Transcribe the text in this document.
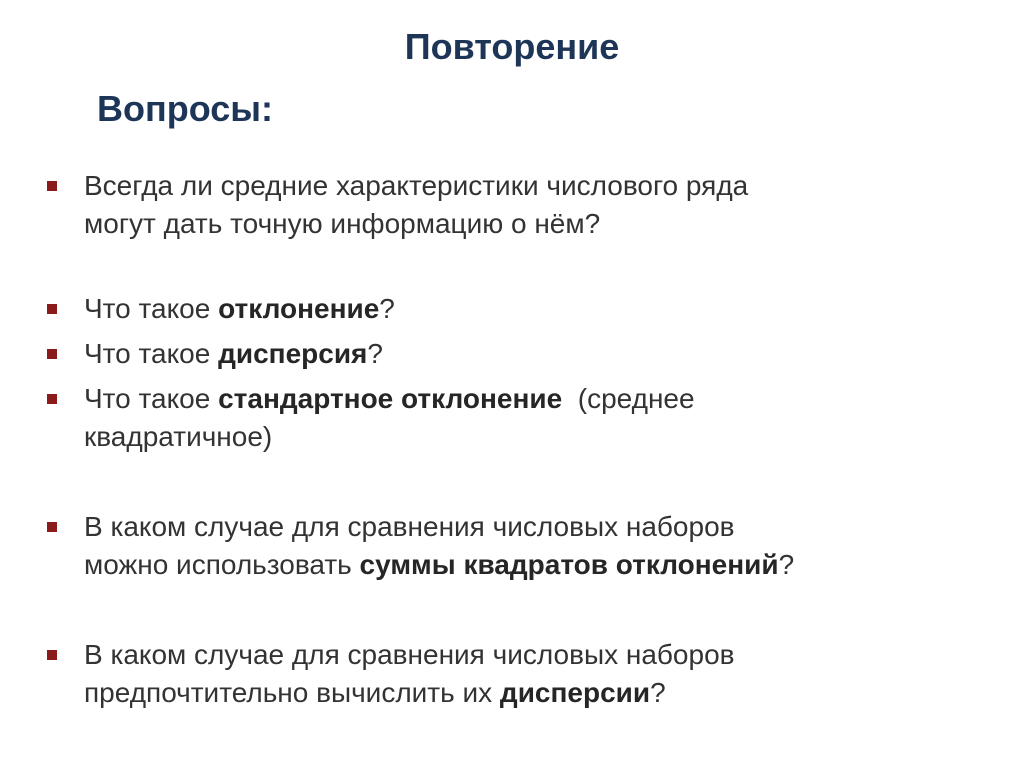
Повторение
Вопросы:

Всегда ли средние характеристики числового ряда
могут дать точную информацию о нём?

Что такое отклонение?

Что такое дисперсия?

Что такое стандартное отклонение  (среднее
квадратичное)

В каком случае для сравнения числовых наборов
можно использовать суммы квадратов отклонений?

В каком случае для сравнения числовых наборов
предпочтительно вычислить их дисперсии?
